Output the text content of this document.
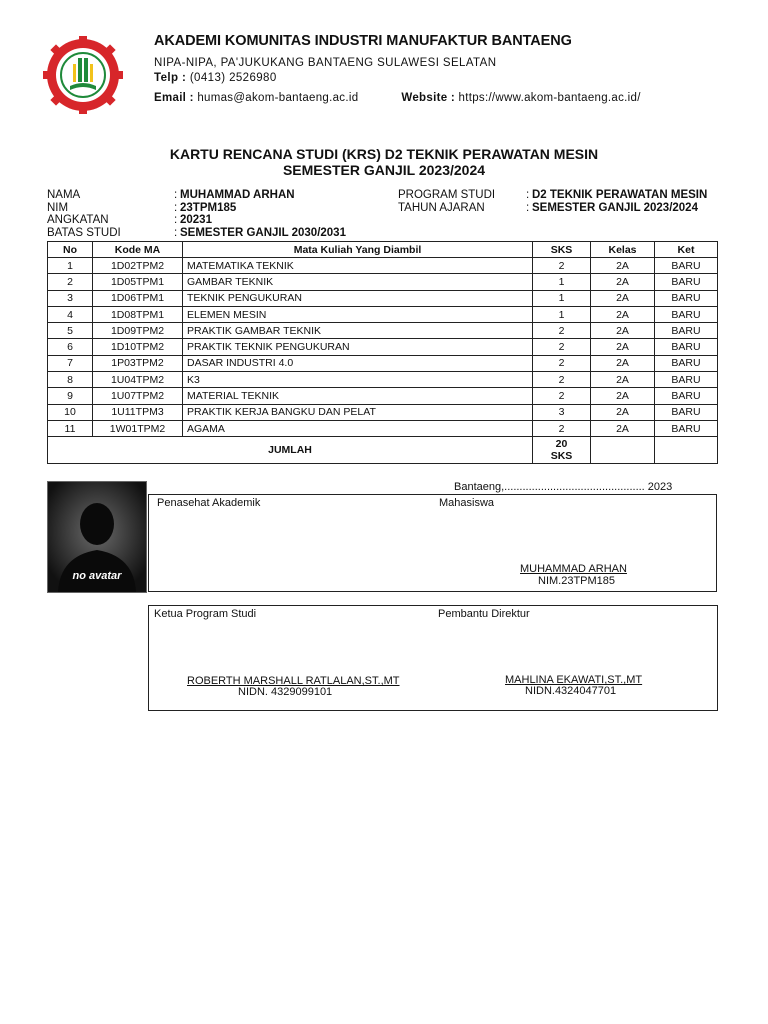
AKADEMI KOMUNITAS INDUSTRI MANUFAKTUR BANTAENG
NIPA-NIPA, PA'JUKUKANG BANTAENG SULAWESI SELATAN
Telp : (0413) 2526980
Email : humas@akom-bantaeng.ac.id	Website : https://www.akom-bantaeng.ac.id/
KARTU RENCANA STUDI (KRS) D2 TEKNIK PERAWATAN MESIN
SEMESTER GANJIL 2023/2024
NAMA	: MUHAMMAD ARHAN
NIM	: 23TPM185
ANGKATAN	: 20231
BATAS STUDI	: SEMESTER GANJIL 2030/2031
PROGRAM STUDI	: D2 TEKNIK PERAWATAN MESIN
TAHUN AJARAN	: SEMESTER GANJIL 2023/2024
No	Kode MA	Mata Kuliah Yang Diambil	SKS	Kelas	Ket
1	1D02TPM2	MATEMATIKA TEKNIK	2	2A	BARU
2	1D05TPM1	GAMBAR TEKNIK	1	2A	BARU
3	1D06TPM1	TEKNIK PENGUKURAN	1	2A	BARU
4	1D08TPM1	ELEMEN MESIN	1	2A	BARU
5	1D09TPM2	PRAKTIK GAMBAR TEKNIK	2	2A	BARU
6	1D10TPM2	PRAKTIK TEKNIK PENGUKURAN	2	2A	BARU
7	1P03TPM2	DASAR INDUSTRI 4.0	2	2A	BARU
8	1U04TPM2	K3	2	2A	BARU
9	1U07TPM2	MATERIAL TEKNIK	2	2A	BARU
10	1U11TPM3	PRAKTIK KERJA BANGKU DAN PELAT	3	2A	BARU
11	1W01TPM2	AGAMA	2	2A	BARU
JUMLAH			20
SKS		
Bantaeng,.............................................. 2023
no avatar
Penasehat Akademik	Mahasiswa
MUHAMMAD ARHAN
NIM.23TPM185
Ketua Program Studi	Pembantu Direktur
ROBERTH MARSHALL RATLALAN,ST.,MT
NIDN. 4329099101
MAHLINA EKAWATI,ST.,MT
NIDN.4324047701
